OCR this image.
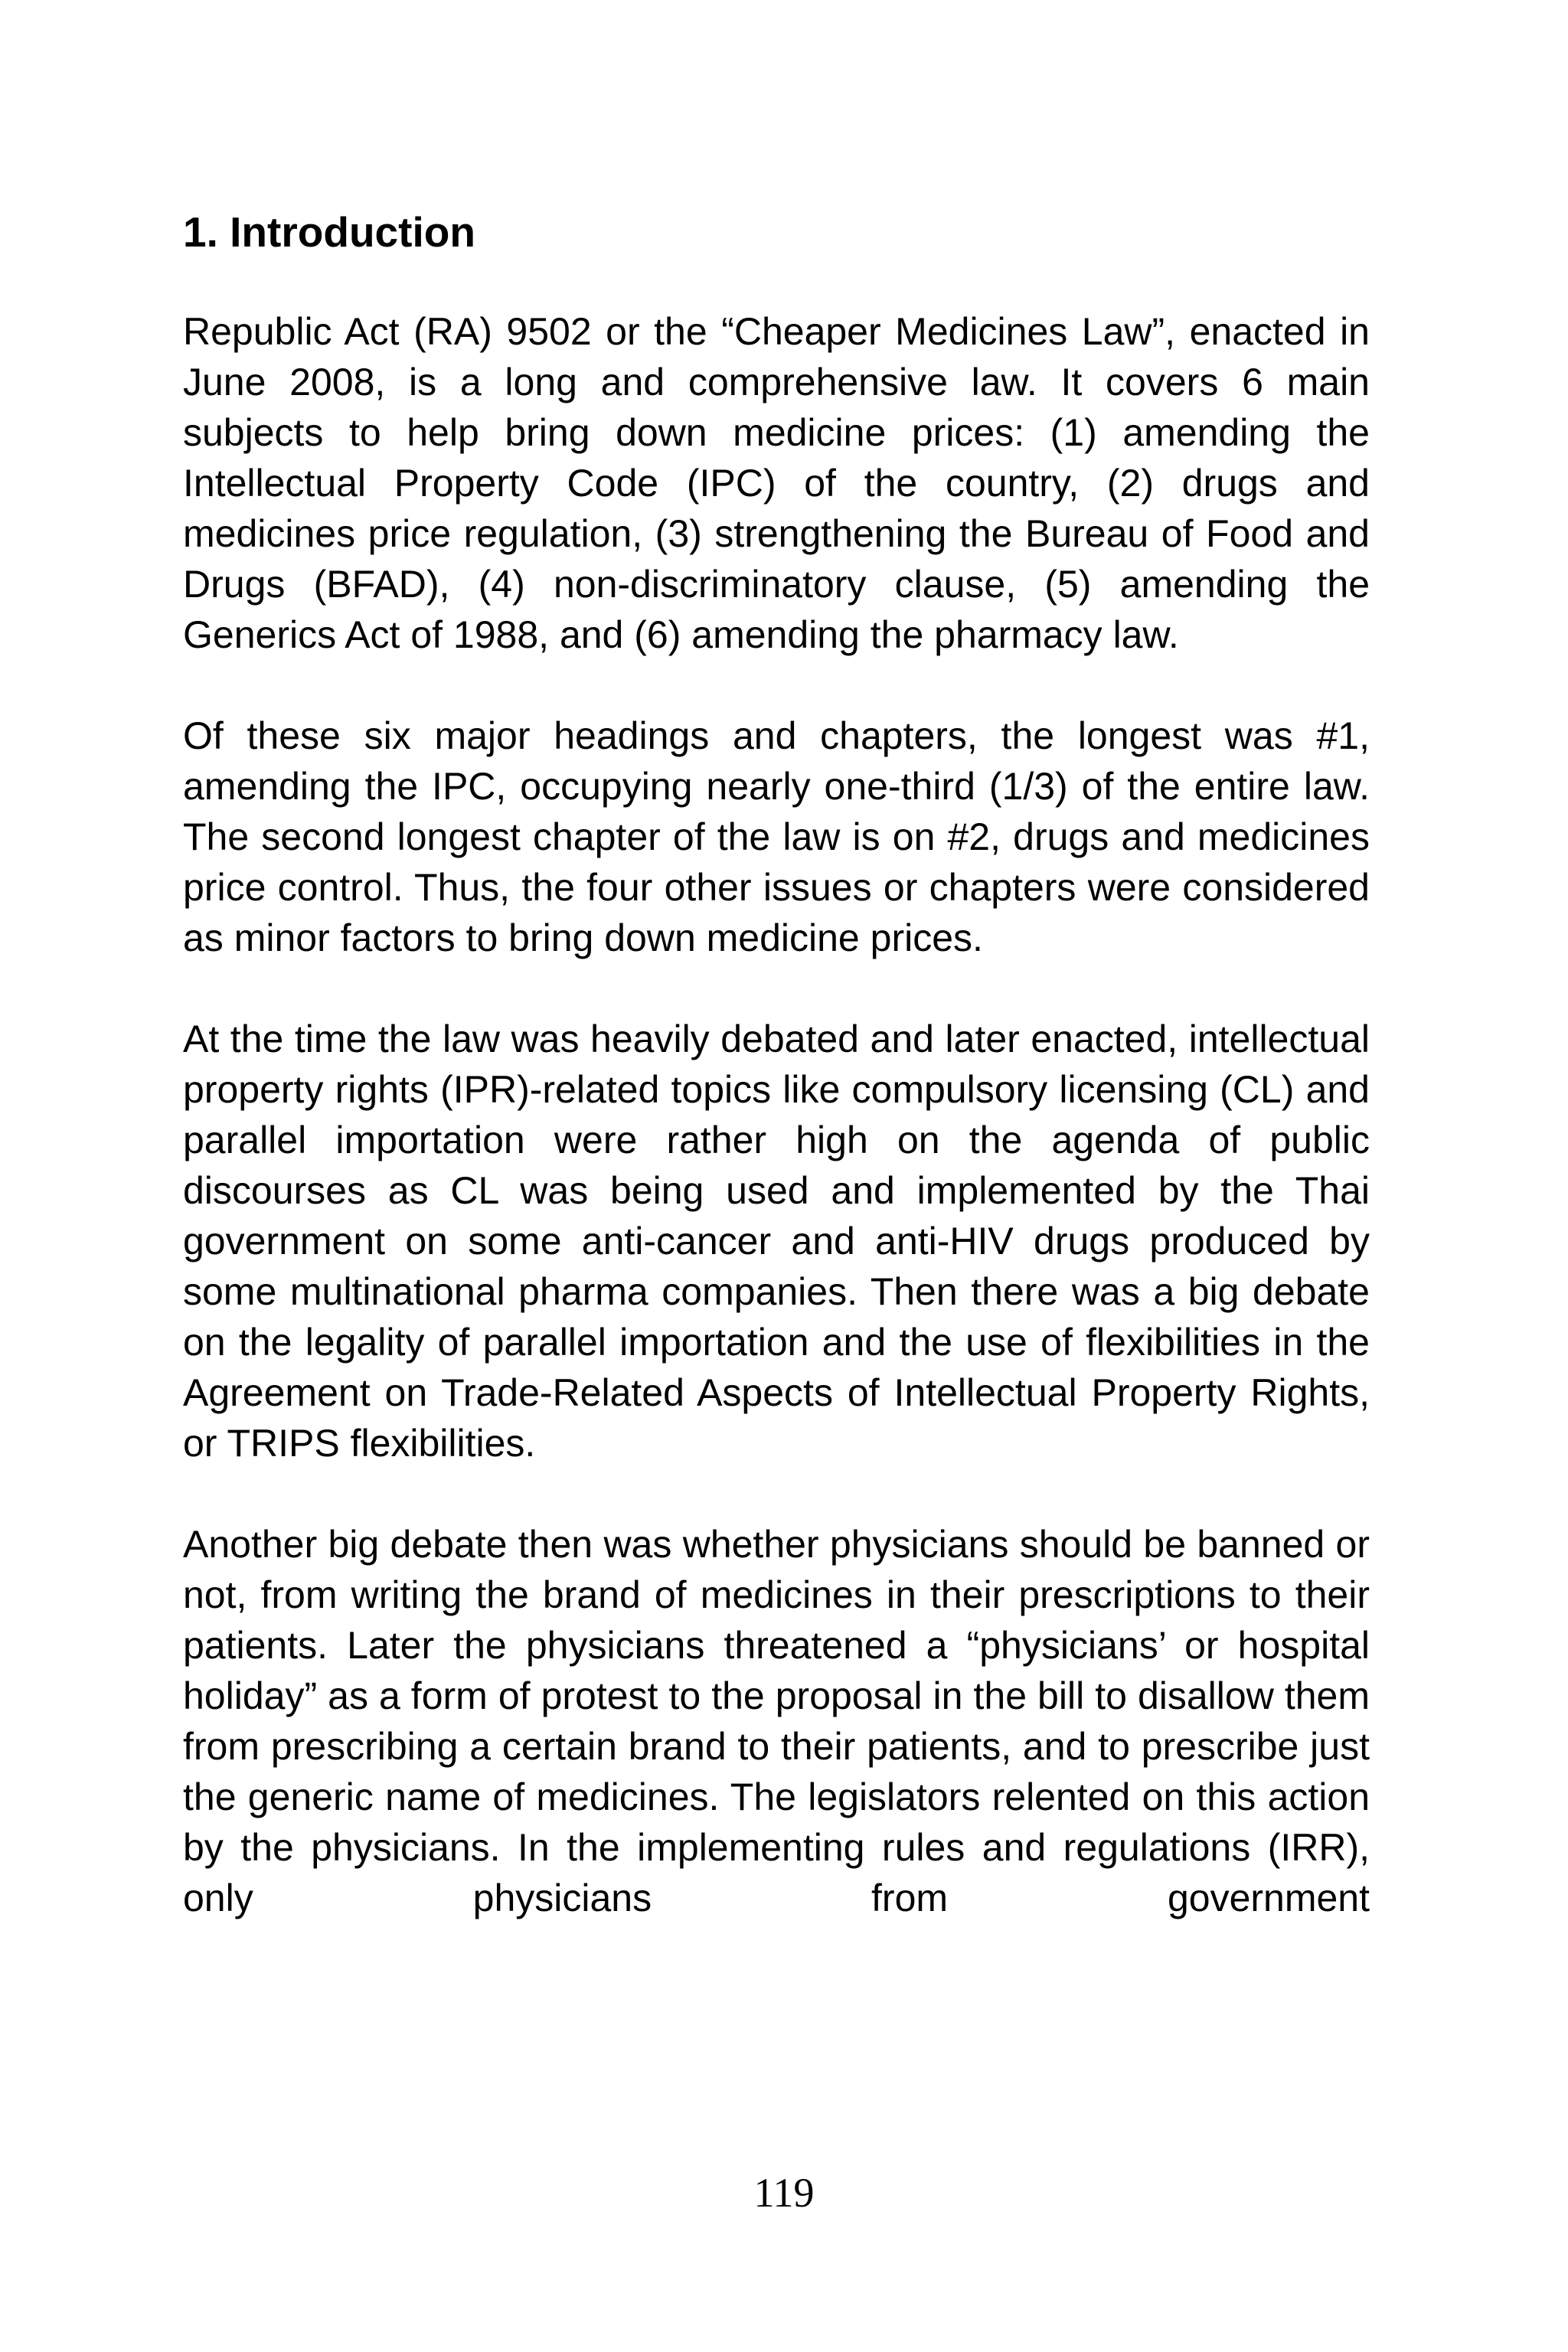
1. Introduction

Republic Act (RA) 9502 or the “Cheaper Medicines Law”, enacted in June 2008, is a long and comprehensive law. It covers 6 main subjects to help bring down medicine prices: (1) amending the Intellectual Property Code (IPC) of the country, (2) drugs and medicines price regulation, (3) strengthening the Bureau of Food and Drugs (BFAD), (4) non-discriminatory clause, (5) amending the Generics Act of 1988, and (6) amending the pharmacy law.

Of these six major headings and chapters, the longest was #1, amending the IPC, occupying nearly one-third (1/3) of the entire law. The second longest chapter of the law is on #2, drugs and medicines price control. Thus, the four other issues or chapters were considered as minor factors to bring down medicine prices.

At the time the law was heavily debated and later enacted, intellectual property rights (IPR)-related topics like compulsory licensing (CL) and parallel importation were rather high on the agenda of public discourses as CL was being used and implemented by the Thai government on some anti-cancer and anti-HIV drugs produced by some multinational pharma companies. Then there was a big debate on the legality of parallel importation and the use of flexibilities in the Agreement on Trade-Related Aspects of Intellectual Property Rights, or TRIPS flexibilities.

Another big debate then was whether physicians should be banned or not, from writing the brand of medicines in their prescriptions to their patients. Later the physicians threatened a “physicians’ or hospital holiday” as a form of protest to the proposal in the bill to disallow them from prescribing a certain brand to their patients, and to prescribe just the generic name of medicines. The legislators relented on this action by the physicians. In the implementing rules and regulations (IRR), only physicians from government

119
